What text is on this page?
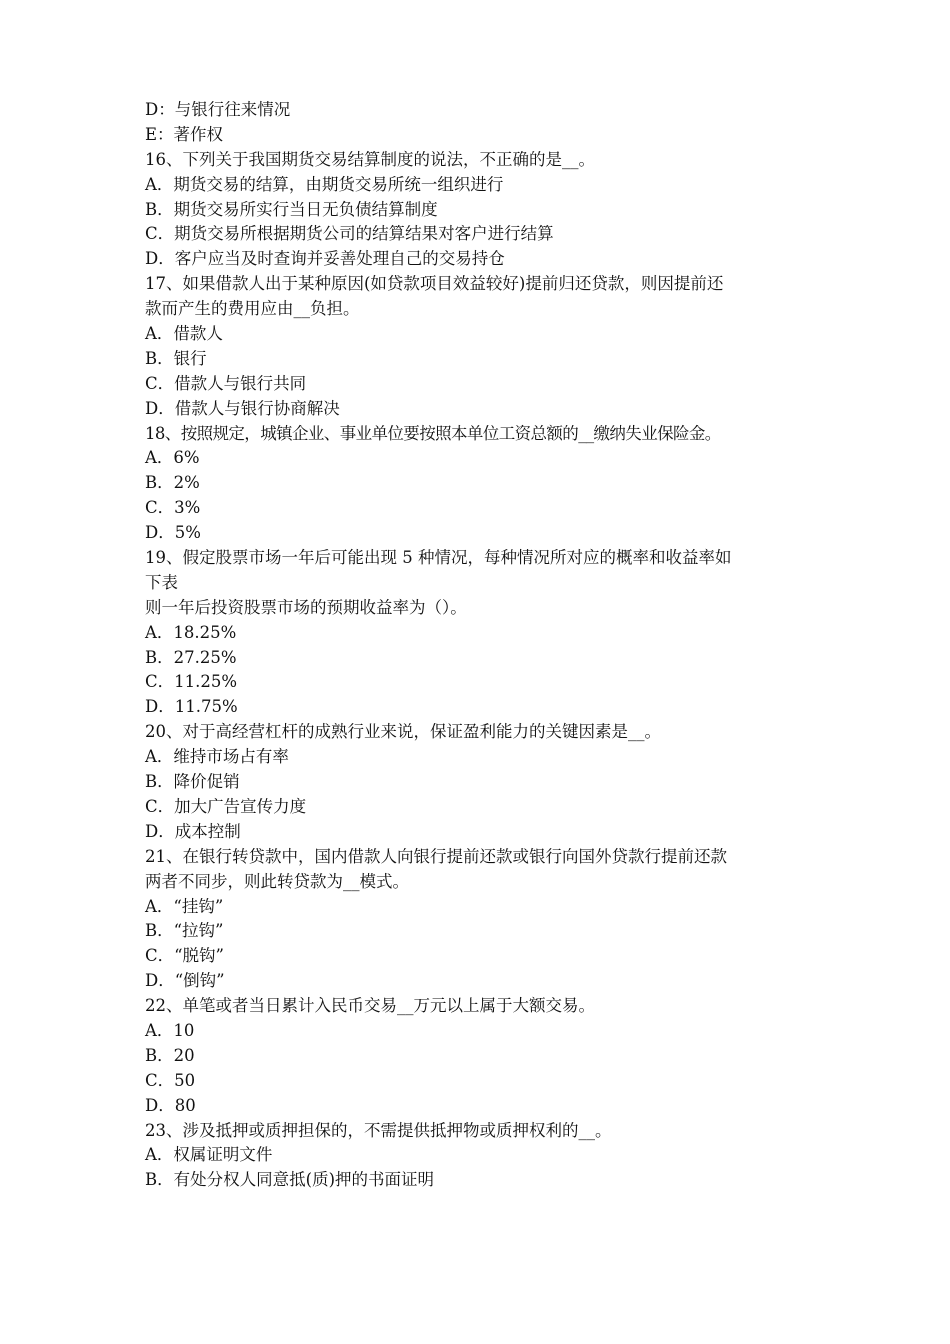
D：与银行往来情况
E：著作权
16、下列关于我国期货交易结算制度的说法，不正确的是__。
A．期货交易的结算，由期货交易所统一组织进行
B．期货交易所实行当日无负债结算制度
C．期货交易所根据期货公司的结算结果对客户进行结算
D．客户应当及时查询并妥善处理自己的交易持仓
17、如果借款人出于某种原因(如贷款项目效益较好)提前归还贷款，则因提前还
款而产生的费用应由__负担。
A．借款人
B．银行
C．借款人与银行共同
D．借款人与银行协商解决
18、按照规定，城镇企业、事业单位要按照本单位工资总额的__缴纳失业保险金。
A．6%
B．2%
C．3%
D．5%
19、假定股票市场一年后可能出现 5 种情况，每种情况所对应的概率和收益率如
下表
则一年后投资股票市场的预期收益率为（）。
A．18.25%
B．27.25%
C．11.25%
D．11.75%
20、对于高经营杠杆的成熟行业来说，保证盈利能力的关键因素是__。
A．维持市场占有率
B．降价促销
C．加大广告宣传力度
D．成本控制
21、在银行转贷款中，国内借款人向银行提前还款或银行向国外贷款行提前还款
两者不同步，则此转贷款为__模式。
A．“挂钩”
B．“拉钩”
C．“脱钩”
D．“倒钩”
22、单笔或者当日累计入民币交易__万元以上属于大额交易。
A．10
B．20
C．50
D．80
23、涉及抵押或质押担保的，不需提供抵押物或质押权利的__。
A．权属证明文件
B．有处分权人同意抵(质)押的书面证明
